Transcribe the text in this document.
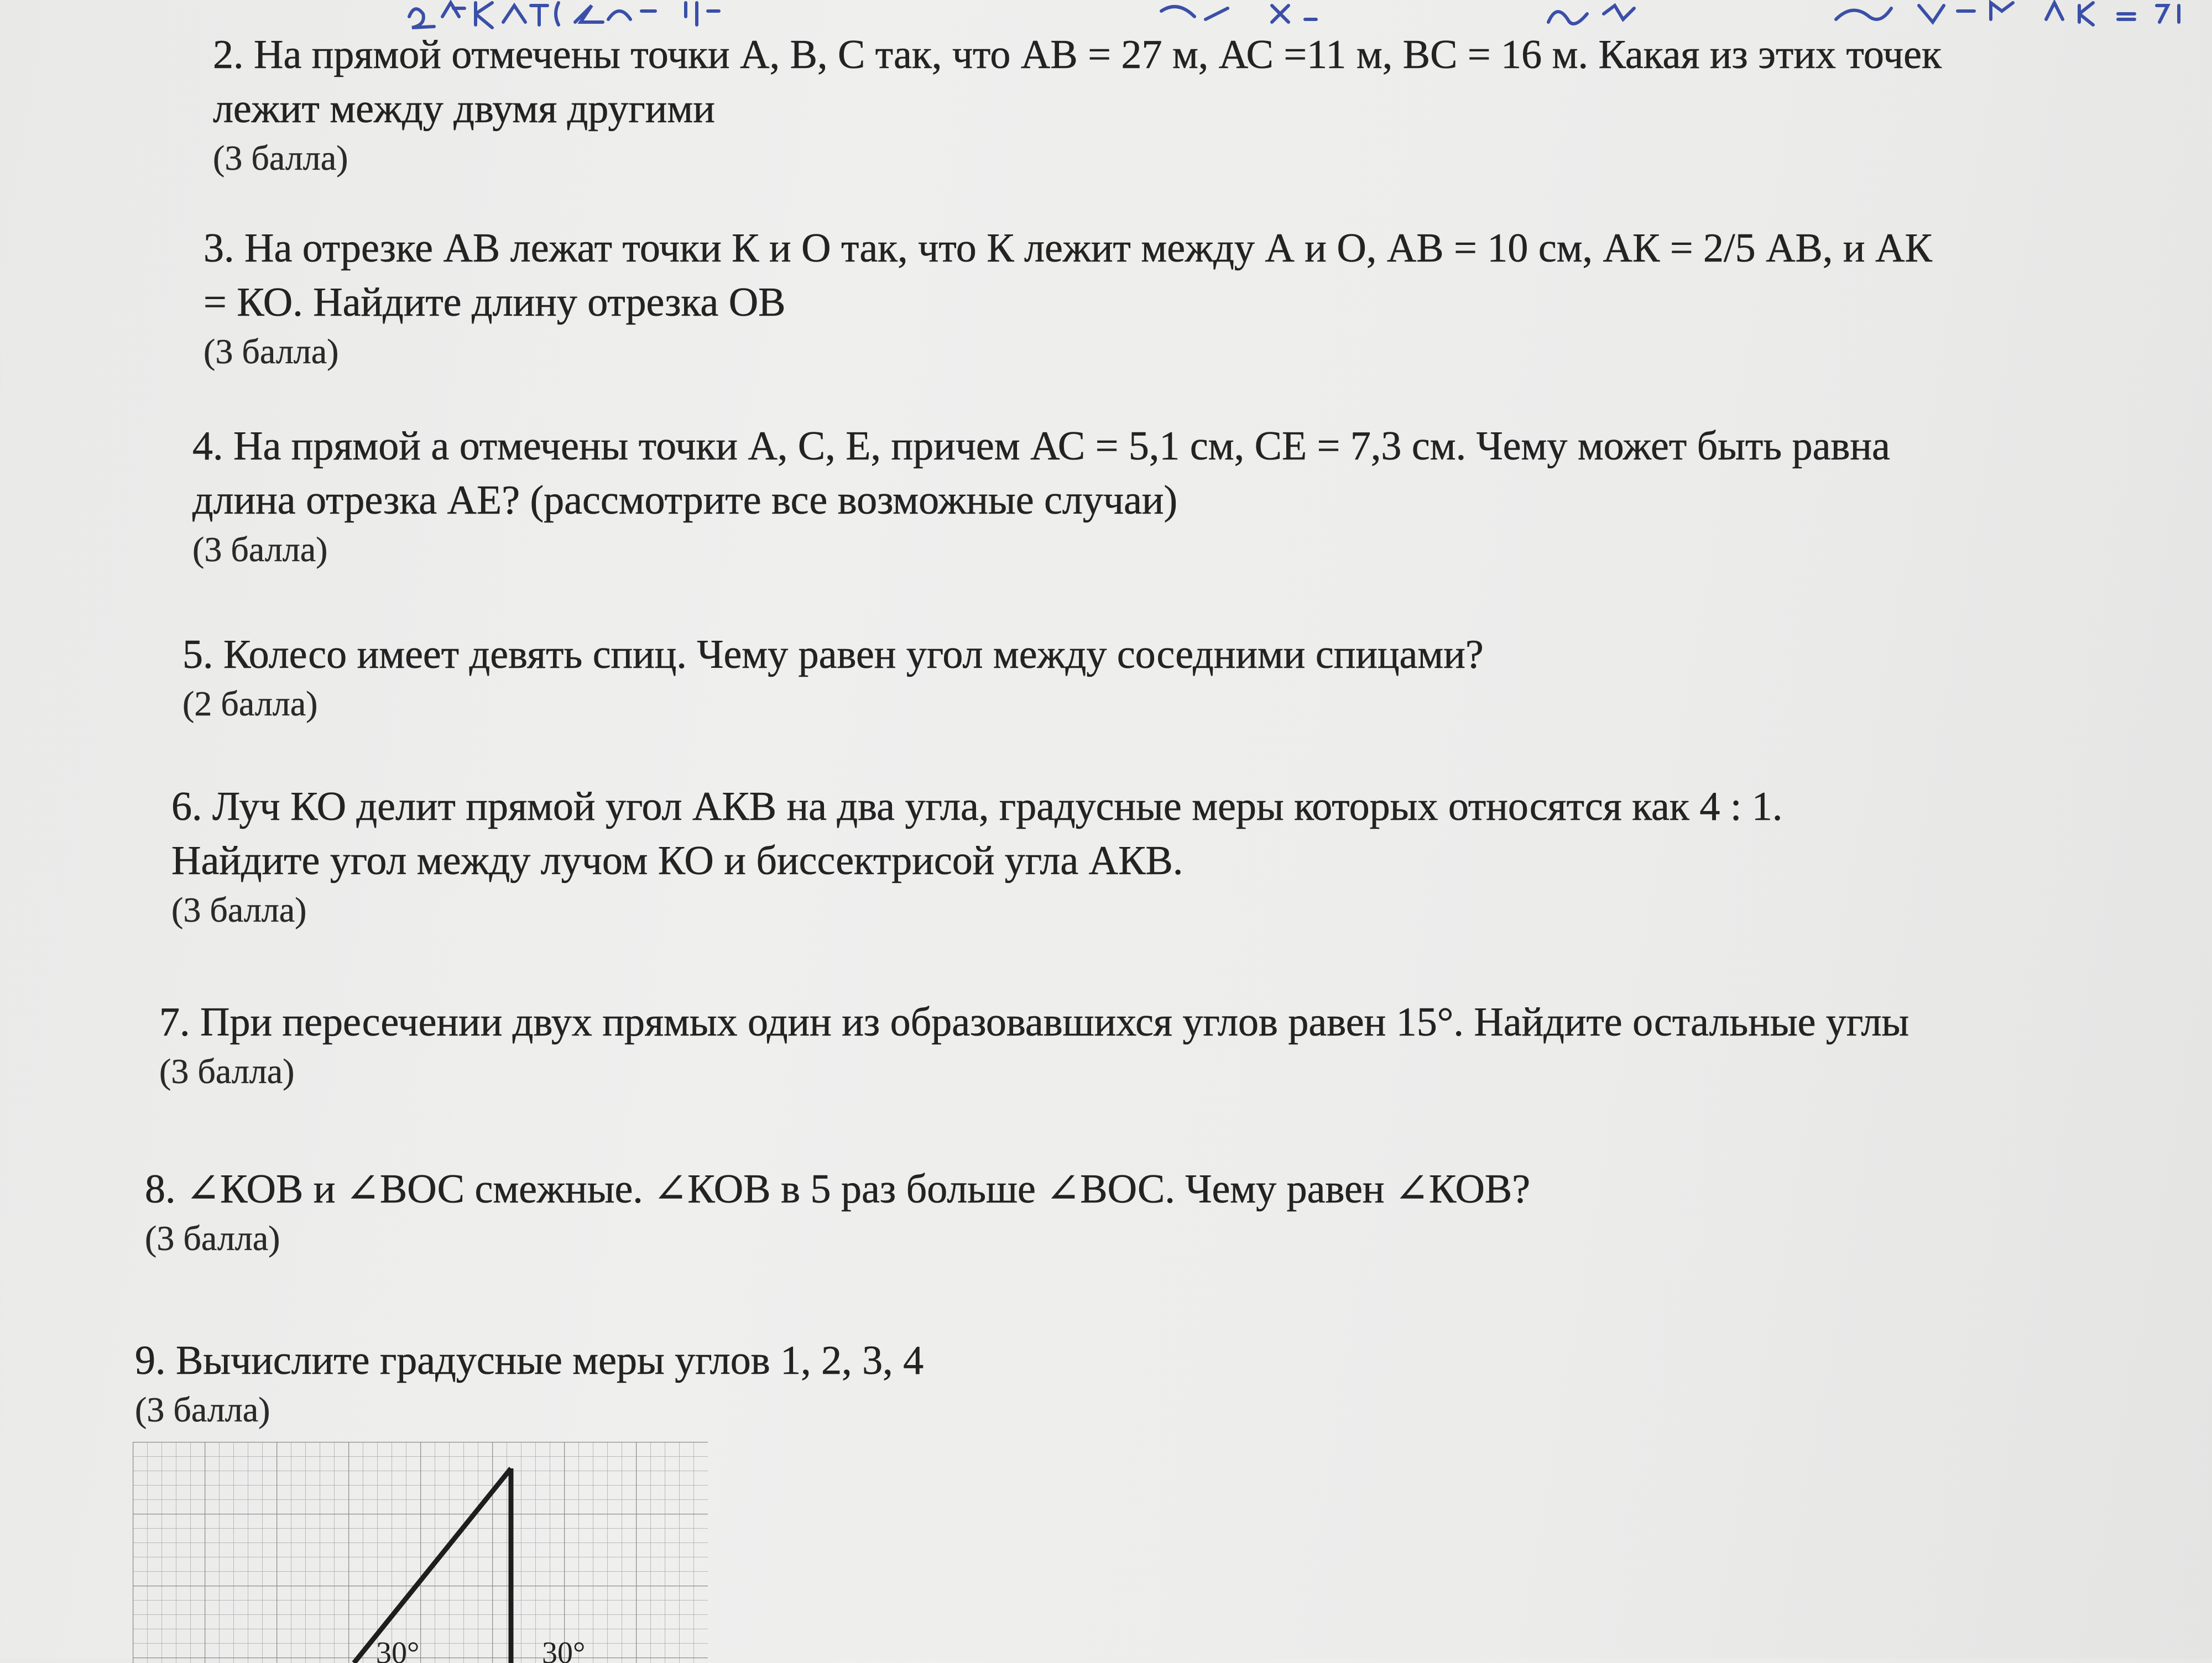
2. На прямой отмечены точки А, В, С так, что АВ = 27 м, АС =11 м, ВС = 16 м. Какая из этих точек
лежит между двумя другими
(3 балла)
3. На отрезке АВ лежат точки К и О так, что К лежит между А и О, АВ = 10 см, АК = 2/5 АВ, и АК
= КО. Найдите длину отрезка ОВ
(3 балла)
4. На прямой а отмечены точки А, С, Е, причем АС = 5,1 см, СЕ = 7,3 см. Чему может быть равна
длина отрезка АЕ? (рассмотрите все возможные случаи)
(3 балла)
5. Колесо имеет девять спиц. Чему равен угол между соседними спицами?
(2 балла)
6. Луч КО делит прямой угол АКВ на два угла, градусные меры которых относятся как 4 : 1.
Найдите угол между лучом КО и биссектрисой угла АКВ.
(3 балла)
7. При пересечении двух прямых один из образовавшихся углов равен 15°. Найдите остальные углы
(3 балла)
8. ∠КОВ и ∠ВОС смежные. ∠КОВ в 5 раз больше ∠ВОС. Чему равен ∠КОВ?
(3 балла)
9. Вычислите градусные меры углов 1, 2, 3, 4
(3 балла)
30°	30°
